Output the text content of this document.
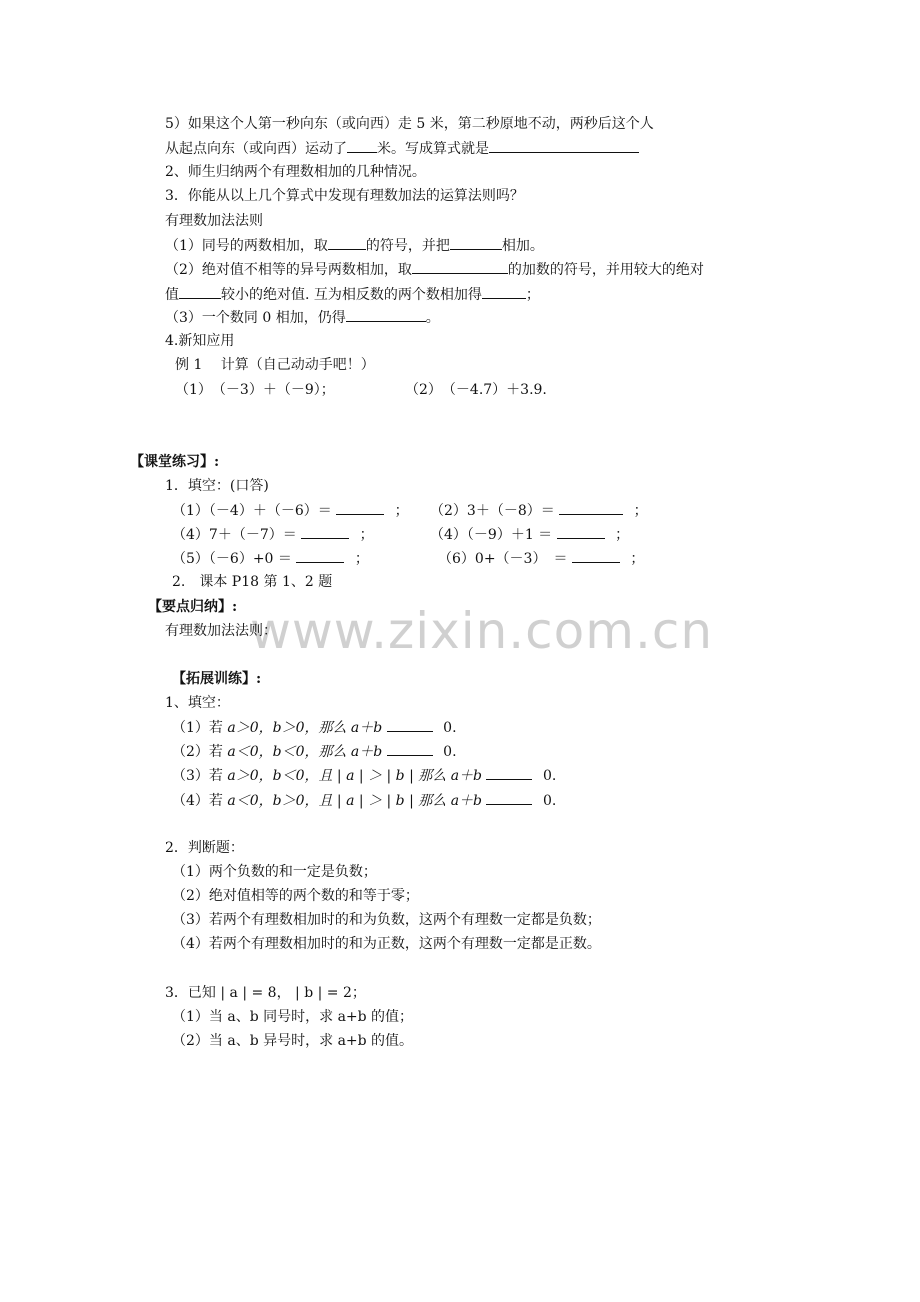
www.zixin.com.cn
5）如果这个人第一秒向东（或向西）走 5 米，第二秒原地不动，两秒后这个人
从起点向东（或向西）运动了 米。写成算式就是
2、师生归纳两个有理数相加的几种情况。
3．你能从以上几个算式中发现有理数加法的运算法则吗？
有理数加法法则
（1）同号的两数相加，取	的符号，并把	相加。
（2）绝对值不相等的异号两数相加，取	的加数的符号，并用较大的绝对
值	较小的绝对值. 互为相反数的两个数相加得	；
（3）一个数同 0 相加，仍得	。
4.新知应用
例 1　 计算（自己动动手吧！）
（1）　（－3）＋（－9）；	（2）　（－4.7）＋3.9.
【课堂练习】:
1．填空：(口答)
（1）（－4）＋（－6）＝	； （2）3＋（－8）＝	；
（4）7＋（－7）＝	；	（4）（－9）＋1 ＝	；
（5）（－6）+0 ＝	；	（6）0+（－3）　＝	；
2.　课本 P18 第 1、2 题
【要点归纳】:
有理数加法法则：
【拓展训练】:
1、填空：
（1）若 a＞0，b＞0，那么 a＋b	0.
（2）若 a＜0，b＜0，那么 a＋b	0.
（3）若 a＞0，b＜0，且 | a | ＞ | b | 那么 a＋b	0.
（4）若 a＜0，b＞0，且 | a | ＞ | b | 那么 a＋b	0.
2．判断题：
（1）两个负数的和一定是负数；
（2）绝对值相等的两个数的和等于零；
（3）若两个有理数相加时的和为负数，这两个有理数一定都是负数；
（4）若两个有理数相加时的和为正数，这两个有理数一定都是正数。
3．已知 | a | = 8， | b | = 2；
（1）当 a、b 同号时，求 a+b 的值；
（2）当 a、b 异号时，求 a+b 的值。
